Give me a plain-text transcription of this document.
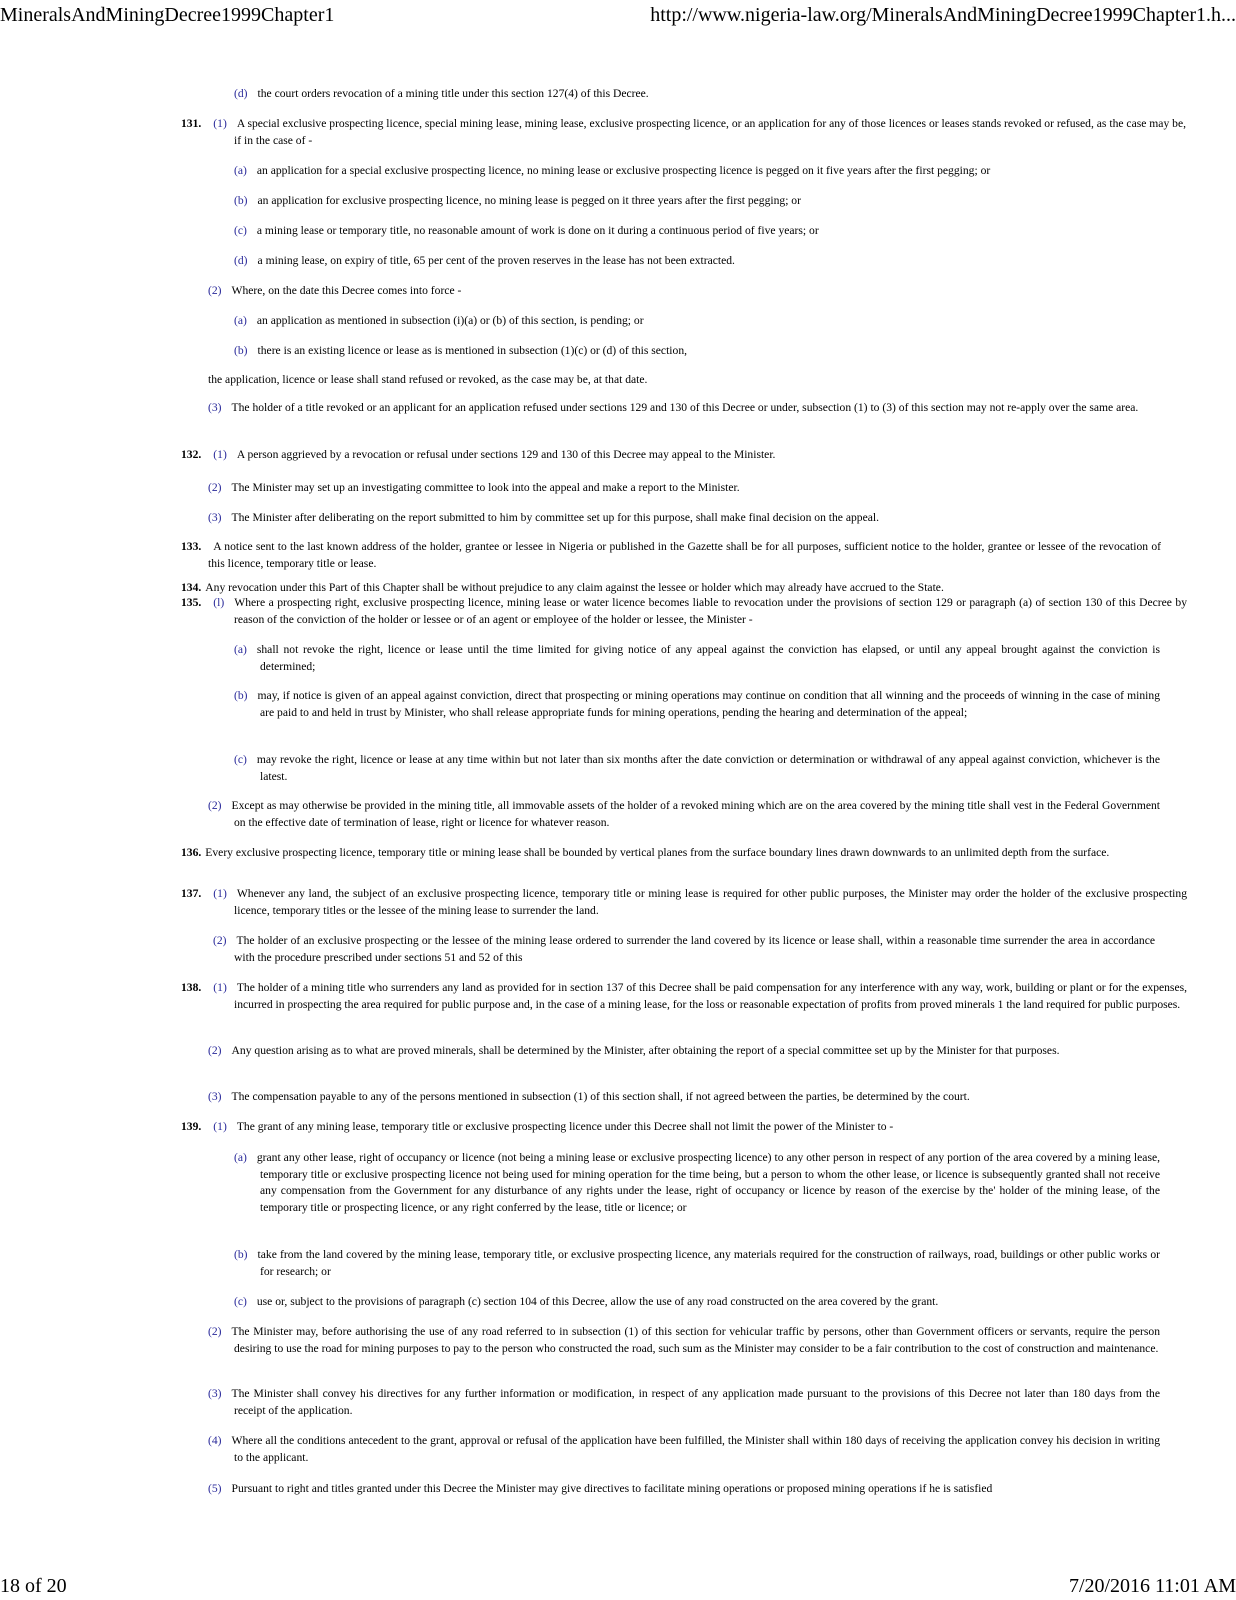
MineralsAndMiningDecree1999Chapter1	http://www.nigeria-law.org/MineralsAndMiningDecree1999Chapter1.h...
(d) the court orders revocation of a mining title under this section 127(4) of this Decree.
131. (1) A special exclusive prospecting licence, special mining lease, mining lease, exclusive prospecting licence, or an application for any of those licences or leases stands revoked or refused, as the case may be, if in the case of -
(a) an application for a special exclusive prospecting licence, no mining lease or exclusive prospecting licence is pegged on it five years after the first pegging; or
(b) an application for exclusive prospecting licence, no mining lease is pegged on it three years after the first pegging; or
(c) a mining lease or temporary title, no reasonable amount of work is done on it during a continuous period of five years; or
(d) a mining lease, on expiry of title, 65 per cent of the proven reserves in the lease has not been extracted.
(2) Where, on the date this Decree comes into force -
(a) an application as mentioned in subsection (i)(a) or (b) of this section, is pending; or
(b) there is an existing licence or lease as is mentioned in subsection (1)(c) or (d) of this section,
the application, licence or lease shall stand refused or revoked, as the case may be, at that date.
(3) The holder of a title revoked or an applicant for an application refused under sections 129 and 130 of this Decree or under, subsection (1) to (3) of this section may not re-apply over the same area.
132. (1) A person aggrieved by a revocation or refusal under sections 129 and 130 of this Decree may appeal to the Minister.
(2) The Minister may set up an investigating committee to look into the appeal and make a report to the Minister.
(3) The Minister after deliberating on the report submitted to him by committee set up for this purpose, shall make final decision on the appeal.
133. A notice sent to the last known address of the holder, grantee or lessee in Nigeria or published in the Gazette shall be for all purposes, sufficient notice to the holder, grantee or lessee of the revocation of this licence, temporary title or lease.
134. Any revocation under this Part of this Chapter shall be without prejudice to any claim against the lessee or holder which may already have accrued to the State.
135. (l) Where a prospecting right, exclusive prospecting licence, mining lease or water licence becomes liable to revocation under the provisions of section 129 or paragraph (a) of section 130 of this Decree by reason of the conviction of the holder or lessee or of an agent or employee of the holder or lessee, the Minister -
(a) shall not revoke the right, licence or lease until the time limited for giving notice of any appeal against the conviction has elapsed, or until any appeal brought against the conviction is determined;
(b) may, if notice is given of an appeal against conviction, direct that prospecting or mining operations may continue on condition that all winning and the proceeds of winning in the case of mining are paid to and held in trust by Minister, who shall release appropriate funds for mining operations, pending the hearing and determination of the appeal;
(c) may revoke the right, licence or lease at any time within but not later than six months after the date conviction or determination or withdrawal of any appeal against conviction, whichever is the latest.
(2) Except as may otherwise be provided in the mining title, all immovable assets of the holder of a revoked mining which are on the area covered by the mining title shall vest in the Federal Government on the effective date of termination of lease, right or licence for whatever reason.
136. Every exclusive prospecting licence, temporary title or mining lease shall be bounded by vertical planes from the surface boundary lines drawn downwards to an unlimited depth from the surface.
137. (1) Whenever any land, the subject of an exclusive prospecting licence, temporary title or mining lease is required for other public purposes, the Minister may order the holder of the exclusive prospecting licence, temporary titles or the lessee of the mining lease to surrender the land.
(2) The holder of an exclusive prospecting or the lessee of the mining lease ordered to surrender the land covered by its licence or lease shall, within a reasonable time surrender the area in accordance with the procedure prescribed under sections 51 and 52 of this
138. (1) The holder of a mining title who surrenders any land as provided for in section 137 of this Decree shall be paid compensation for any interference with any way, work, building or plant or for the expenses, incurred in prospecting the area required for public purpose and, in the case of a mining lease, for the loss or reasonable expectation of profits from proved minerals 1 the land required for public purposes.
(2) Any question arising as to what are proved minerals, shall be determined by the Minister, after obtaining the report of a special committee set up by the Minister for that purposes.
(3) The compensation payable to any of the persons mentioned in subsection (1) of this section shall, if not agreed between the parties, be determined by the court.
139. (1) The grant of any mining lease, temporary title or exclusive prospecting licence under this Decree shall not limit the power of the Minister to -
(a) grant any other lease, right of occupancy or licence (not being a mining lease or exclusive prospecting licence) to any other person in respect of any portion of the area covered by a mining lease, temporary title or exclusive prospecting licence not being used for mining operation for the time being, but a person to whom the other lease, or licence is subsequently granted shall not receive any compensation from the Government for any disturbance of any rights under the lease, right of occupancy or licence by reason of the exercise by the' holder of the mining lease, of the temporary title or prospecting licence, or any right conferred by the lease, title or licence; or
(b) take from the land covered by the mining lease, temporary title, or exclusive prospecting licence, any materials required for the construction of railways, road, buildings or other public works or for research; or
(c) use or, subject to the provisions of paragraph (c) section 104 of this Decree, allow the use of any road constructed on the area covered by the grant.
(2) The Minister may, before authorising the use of any road referred to in subsection (1) of this section for vehicular traffic by persons, other than Government officers or servants, require the person desiring to use the road for mining purposes to pay to the person who constructed the road, such sum as the Minister may consider to be a fair contribution to the cost of construction and maintenance.
(3) The Minister shall convey his directives for any further information or modification, in respect of any application made pursuant to the provisions of this Decree not later than 180 days from the receipt of the application.
(4) Where all the conditions antecedent to the grant, approval or refusal of the application have been fulfilled, the Minister shall within 180 days of receiving the application convey his decision in writing to the applicant.
(5) Pursuant to right and titles granted under this Decree the Minister may give directives to facilitate mining operations or proposed mining operations if he is satisfied
18 of 20	7/20/2016 11:01 AM
